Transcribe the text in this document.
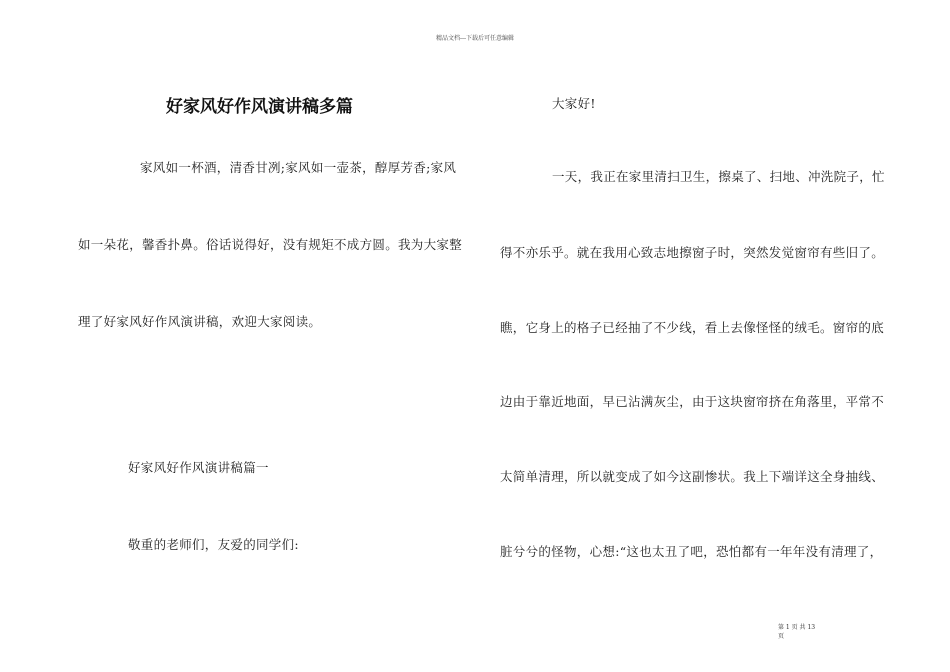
精品文档---下载后可任意编辑
好家风好作风演讲稿多篇
家风如一杯酒，清香甘冽;家风如一壶茶，醇厚芳香;家风
如一朵花，馨香扑鼻。俗话说得好，没有规矩不成方圆。我为大家整
理了好家风好作风演讲稿，欢迎大家阅读。
好家风好作风演讲稿篇一
敬重的老师们，友爱的同学们:
大家好!
一天，我正在家里清扫卫生，擦桌了、扫地、冲洗院子，忙
得不亦乐乎。就在我用心致志地擦窗子时，突然发觉窗帘有些旧了。
瞧，它身上的格子已经抽了不少线，看上去像怪怪的绒毛。窗帘的底
边由于靠近地面，早已沾满灰尘，由于这块窗帘挤在角落里，平常不
太简单清理，所以就变成了如今这副惨状。我上下端详这全身抽线、
脏兮兮的怪物，心想:“这也太丑了吧，恐怕都有一年年没有清理了，
第 1 页 共 13
页
